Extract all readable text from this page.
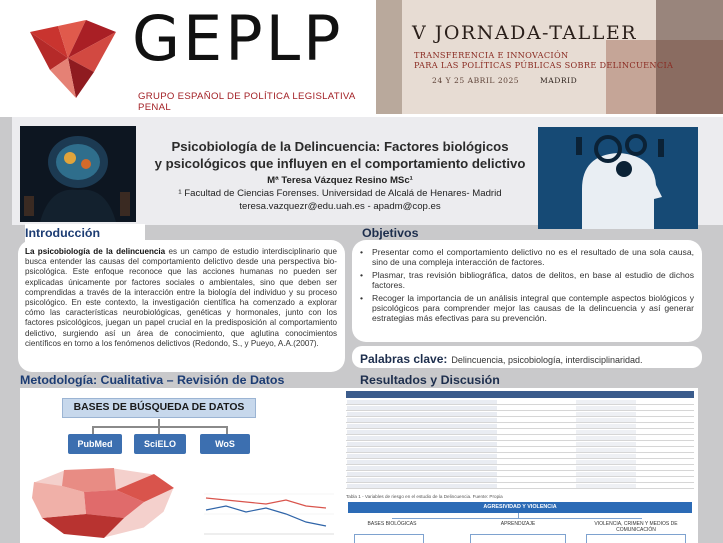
GEPLP
GRUPO ESPAÑOL DE POLÍTICA LEGISLATIVA PENAL
V JORNADA-TALLER
TRANSFERENCIA E INNOVACIÓN
PARA LAS POLÍTICAS PÚBLICAS SOBRE DELINCUENCIA
24 Y 25 ABRIL 2025	MADRID
Psicobiología de la Delincuencia: Factores biológicos
y psicológicos que influyen en el comportamiento delictivo
Mª Teresa Vázquez Resino MSc¹
¹ Facultad de Ciencias Forenses. Universidad de Alcalá de Henares- Madrid
teresa.vazquezr@edu.uah.es - apadm@cop.es

La psicobiología de la delincuencia es un campo de estudio interdisciplinario que busca entender las causas del comportamiento delictivo desde una perspectiva bio-psicológica. Este enfoque reconoce que las acciones humanas no pueden ser explicadas únicamente por factores sociales o ambientales, sino que deben ser comprendidas a través de la interacción entre la biología del individuo y su proceso psicológico. En este contexto, la investigación científica ha comenzado a explorar cómo las características neurobiológicas, genéticas y hormonales, junto con los factores psicológicos, juegan un papel crucial en la predisposición al comportamiento delictivo, surgiendo así un área de conocimiento, que aglutina conocimientos científicos en torno a los fenómenos delictivos (Redondo, S., y Pueyo, A.A.(2007).

Introducción	Objetivos
• Presentar como el comportamiento delictivo no es el resultado de una sola causa, sino de una compleja interacción de factores.
• Plasmar, tras revisión bibliográfica, datos de delitos, en base al estudio de dichos factores.
• Recoger la importancia de un análisis integral que contemple aspectos biológicos y psicológicos para comprender mejor las causas de la delincuencia y así generar estrategias más efectivas para su prevención.
Palabras clave: Delincuencia, psicobiología, interdisciplinaridad.
Metodología: Cualitativa – Revisión de Datos
BASES DE BÚSQUEDA DE DATOS
PubMed	SciELO	WoS
Resultados y Discusión
Tabla 1 - Variables de riesgo en el estudio de la Delincuencia. Fuente: Propia
AGRESIVIDAD Y VIOLENCIA
BASES BIOLÓGICAS	APRENDIZAJE	VIOLENCIA, CRIMEN Y MEDIOS DE COMUNICACIÓN
